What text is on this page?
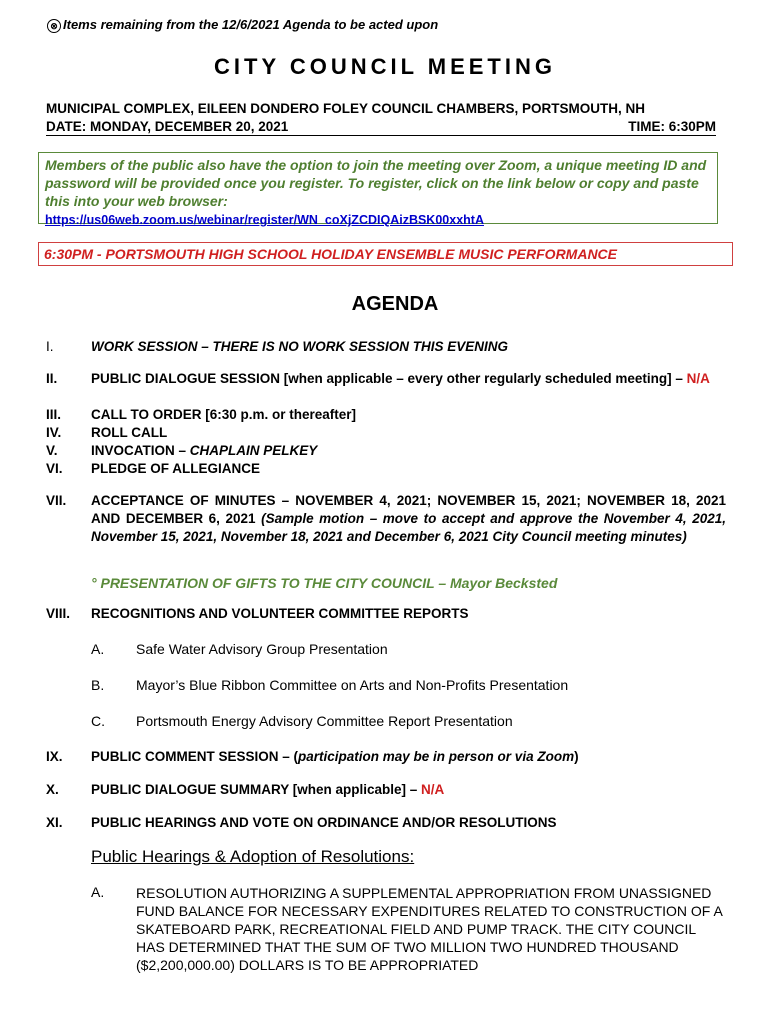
⊗ Items remaining from the 12/6/2021 Agenda to be acted upon
CITY COUNCIL MEETING
MUNICIPAL COMPLEX, EILEEN DONDERO FOLEY COUNCIL CHAMBERS, PORTSMOUTH, NH
DATE: MONDAY, DECEMBER 20, 2021	TIME: 6:30PM
Members of the public also have the option to join the meeting over Zoom, a unique meeting ID and password will be provided once you register. To register, click on the link below or copy and paste this into your web browser:
https://us06web.zoom.us/webinar/register/WN_coXjZCDIQAizBSK00xxhtA
6:30PM - PORTSMOUTH HIGH SCHOOL HOLIDAY ENSEMBLE MUSIC PERFORMANCE
AGENDA
I.	WORK SESSION – THERE IS NO WORK SESSION THIS EVENING
II. PUBLIC DIALOGUE SESSION [when applicable – every other regularly scheduled meeting] – N/A
III. CALL TO ORDER [6:30 p.m. or thereafter]
IV. ROLL CALL
V. INVOCATION – CHAPLAIN PELKEY
VI. PLEDGE OF ALLEGIANCE
VII. ACCEPTANCE OF MINUTES – NOVEMBER 4, 2021; NOVEMBER 15, 2021; NOVEMBER 18, 2021 AND DECEMBER 6, 2021 (Sample motion – move to accept and approve the November 4, 2021, November 15, 2021, November 18, 2021 and December 6, 2021 City Council meeting minutes)
° PRESENTATION OF GIFTS TO THE CITY COUNCIL – Mayor Becksted
VIII. RECOGNITIONS AND VOLUNTEER COMMITTEE REPORTS
A. Safe Water Advisory Group Presentation
B. Mayor’s Blue Ribbon Committee on Arts and Non-Profits Presentation
C. Portsmouth Energy Advisory Committee Report Presentation
IX. PUBLIC COMMENT SESSION – (participation may be in person or via Zoom)
X. PUBLIC DIALOGUE SUMMARY [when applicable] – N/A
XI. PUBLIC HEARINGS AND VOTE ON ORDINANCE AND/OR RESOLUTIONS
Public Hearings & Adoption of Resolutions:
A. RESOLUTION AUTHORIZING A SUPPLEMENTAL APPROPRIATION FROM UNASSIGNED FUND BALANCE FOR NECESSARY EXPENDITURES RELATED TO CONSTRUCTION OF A SKATEBOARD PARK, RECREATIONAL FIELD AND PUMP TRACK. THE CITY COUNCIL HAS DETERMINED THAT THE SUM OF TWO MILLION TWO HUNDRED THOUSAND ($2,200,000.00) DOLLARS IS TO BE APPROPRIATED
